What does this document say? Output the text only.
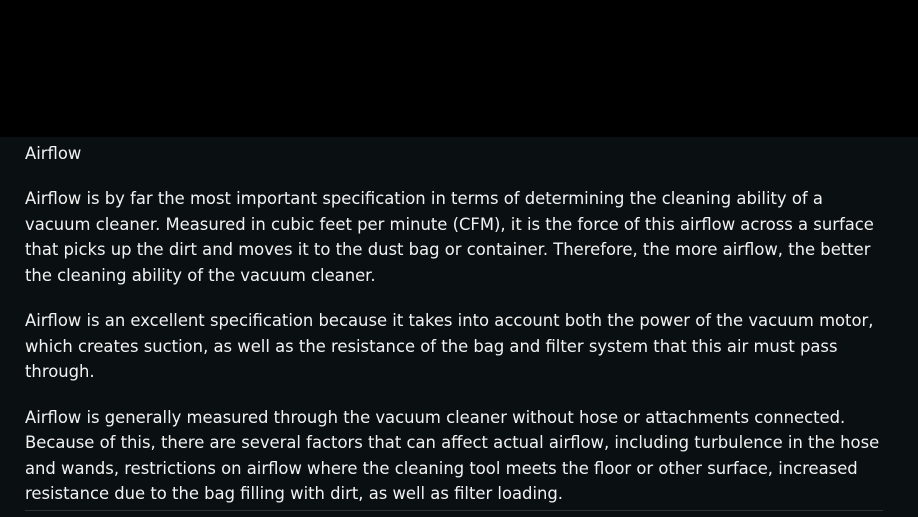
Airflow

Airflow is by far the most important specification in terms of determining the cleaning ability of a vacuum cleaner. Measured in cubic feet per minute (CFM), it is the force of this airflow across a surface that picks up the dirt and moves it to the dust bag or container. Therefore, the more airflow, the better the cleaning ability of the vacuum cleaner.

Airflow is an excellent specification because it takes into account both the power of the vacuum motor, which creates suction, as well as the resistance of the bag and filter system that this air must pass through.

Airflow is generally measured through the vacuum cleaner without hose or attachments connected. Because of this, there are several factors that can affect actual airflow, including turbulence in the hose and wands, restrictions on airflow where the cleaning tool meets the floor or other surface, increased resistance due to the bag filling with dirt, as well as filter loading.
